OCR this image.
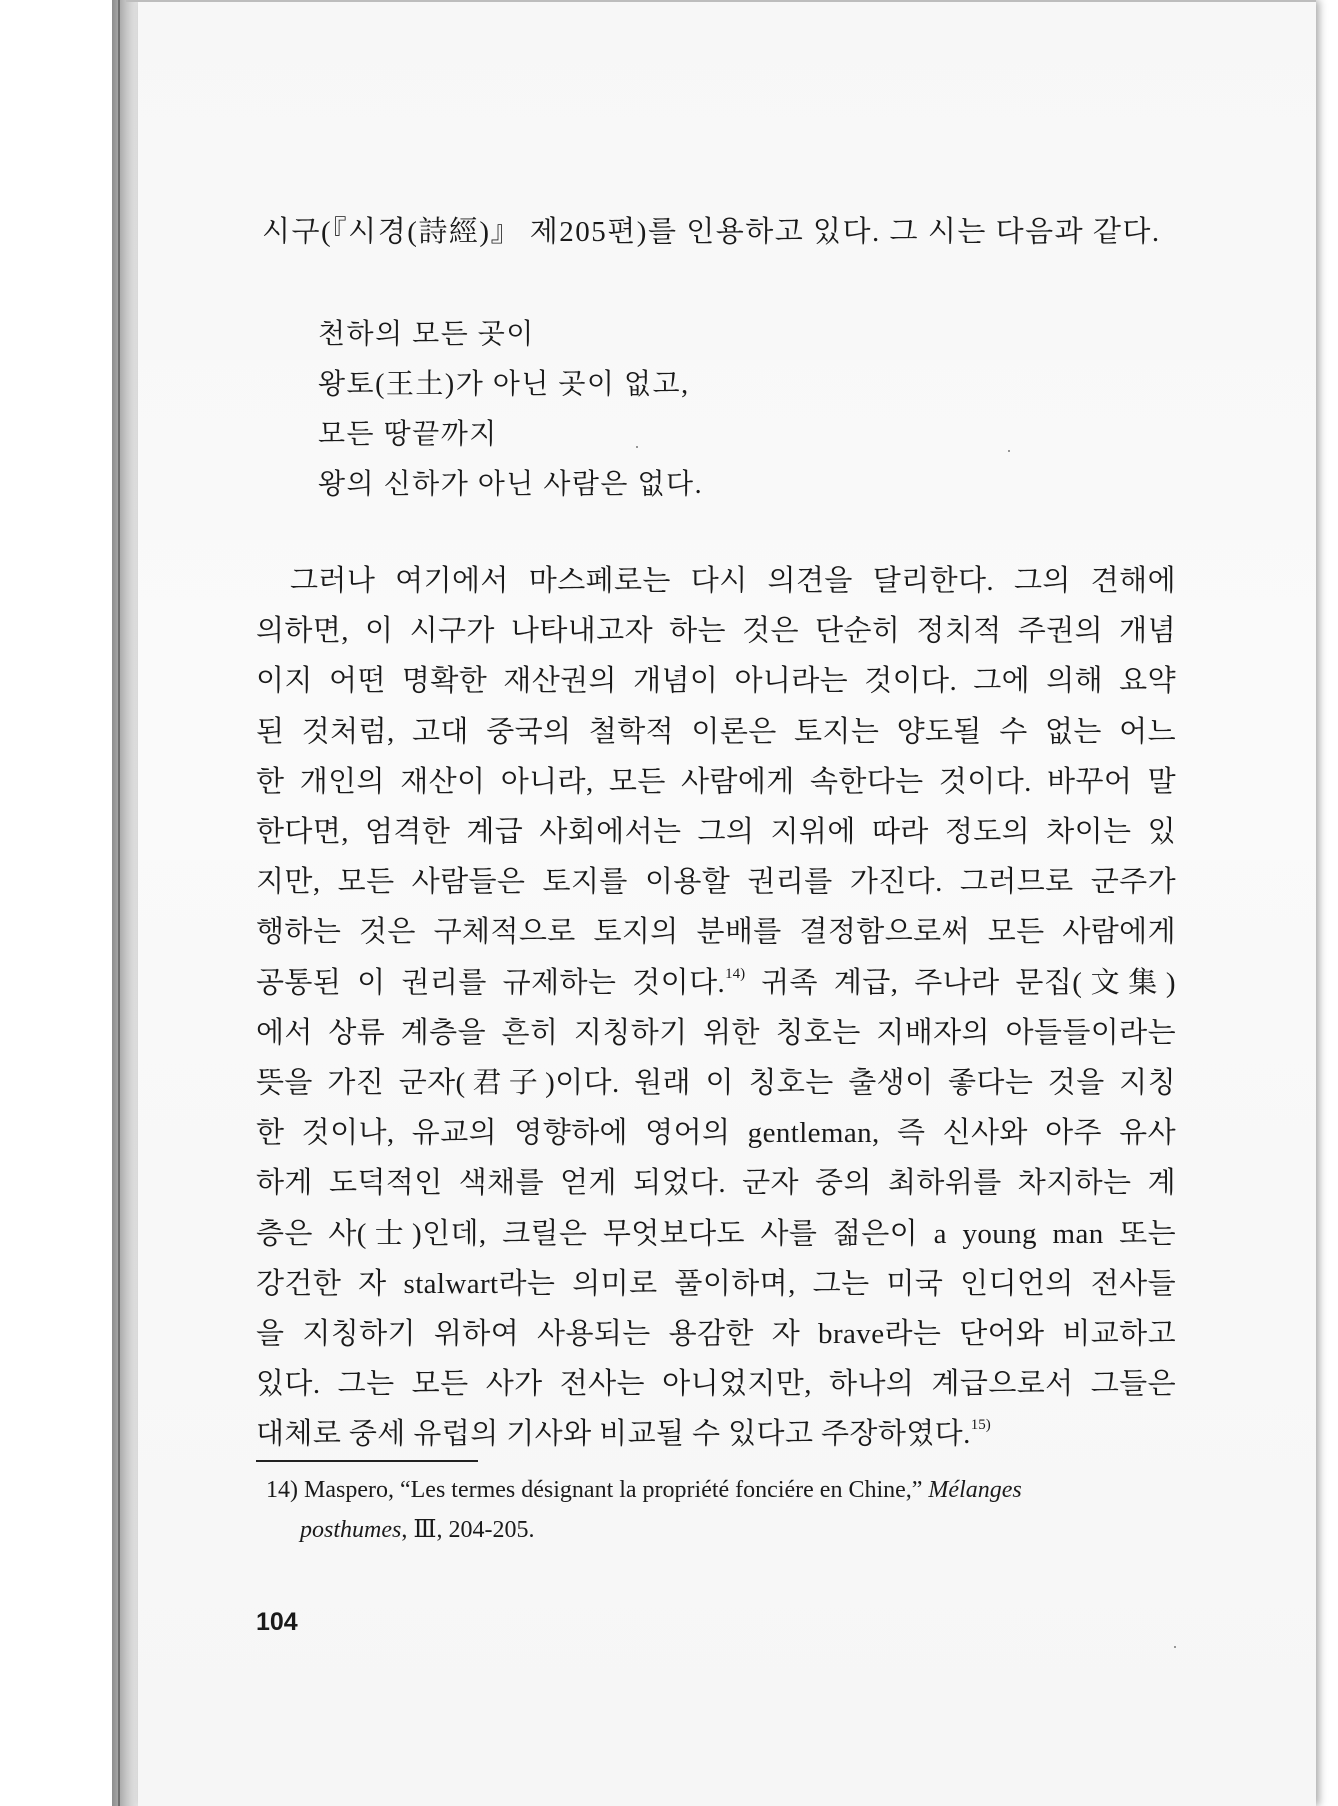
시구(『시경(詩經)』 제205편)를 인용하고 있다. 그 시는 다음과 같다.
천하의 모든 곳이
왕토(王土)가 아닌 곳이 없고,
모든 땅끝까지
왕의 신하가 아닌 사람은 없다.
그러나 여기에서 마스페로는 다시 의견을 달리한다. 그의 견해에
의하면, 이 시구가 나타내고자 하는 것은 단순히 정치적 주권의 개념
이지 어떤 명확한 재산권의 개념이 아니라는 것이다. 그에 의해 요약
된 것처럼, 고대 중국의 철학적 이론은 토지는 양도될 수 없는 어느
한 개인의 재산이 아니라, 모든 사람에게 속한다는 것이다. 바꾸어 말
한다면, 엄격한 계급 사회에서는 그의 지위에 따라 정도의 차이는 있
지만, 모든 사람들은 토지를 이용할 권리를 가진다. 그러므로 군주가
행하는 것은 구체적으로 토지의 분배를 결정함으로써 모든 사람에게
공통된 이 권리를 규제하는 것이다.$^{14)}$ 귀족 계급, 주나라 문집(文集)
에서 상류 계층을 흔히 지칭하기 위한 칭호는 지배자의 아들들이라는
뜻을 가진 군자(君子)이다. 원래 이 칭호는 출생이 좋다는 것을 지칭
한 것이나, 유교의 영향하에 영어의 gentleman, 즉 신사와 아주 유사
하게 도덕적인 색채를 얻게 되었다. 군자 중의 최하위를 차지하는 계
층은 사(士)인데, 크릴은 무엇보다도 사를 젊은이 a young man 또는
강건한 자 stalwart라는 의미로 풀이하며, 그는 미국 인디언의 전사들
을 지칭하기 위하여 사용되는 용감한 자 brave라는 단어와 비교하고
있다. 그는 모든 사가 전사는 아니었지만, 하나의 계급으로서 그들은
대체로 중세 유럽의 기사와 비교될 수 있다고 주장하였다.$^{15)}$
14) Maspero, “Les termes désignant la propriété fonciére en Chine,” Mélanges
posthumes, Ⅲ, 204-205.
104
